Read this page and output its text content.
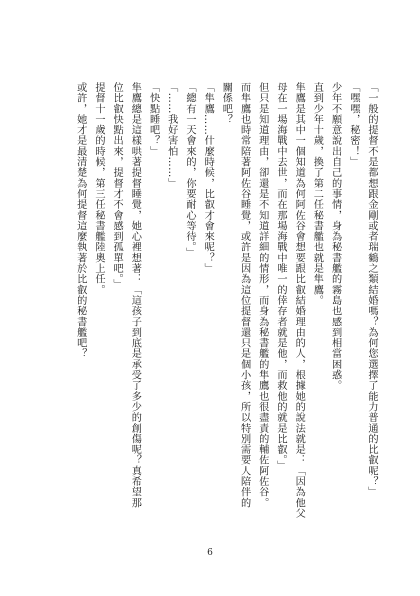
「一般的提督不是都想跟金剛或者瑞鶴之類結婚嗎？為何您選擇了能力普通的比叡呢？」
「嘿嘿，秘密！」
少年不願意說出自己的事情，身為秘書艦的霧島也感到相當困惑。
直到少年十歲，換了第二任秘書艦也就是隼鷹。
隼鷹是其中一個知道為何阿佐谷會想要跟比叡結婚理由的人，根據她的說法就是：「因為他父
母在一場海戰中去世，而在那場海戰中唯一的倖存者就是他，而救他的就是比叡。」
但只是知道理由，卻還是不知道詳細的情形，而身為秘書艦的隼鷹也很盡責的輔佐阿佐谷。
而隼鷹也時常陪著阿佐谷睡覺，或許是因為這位提督還只是個小孩，所以特別需要人陪伴的
關係吧？
「隼鷹……什麼時候，比叡才會來呢？」
「總有一天會來的，你要耐心等待。」
「……我好害怕……」
「快點睡吧？」
隼鷹總是這樣哄著提督睡覺，她心裡想著：「這孩子到底是承受了多少的創傷呢？真希望那
位比叡快點出來，提督才不會感到孤單吧。」
提督十一歲的時候，第三任秘書艦陸奧上任。
或許，她才是最清楚為何提督這麼執著於比叡的秘書艦吧？
6
